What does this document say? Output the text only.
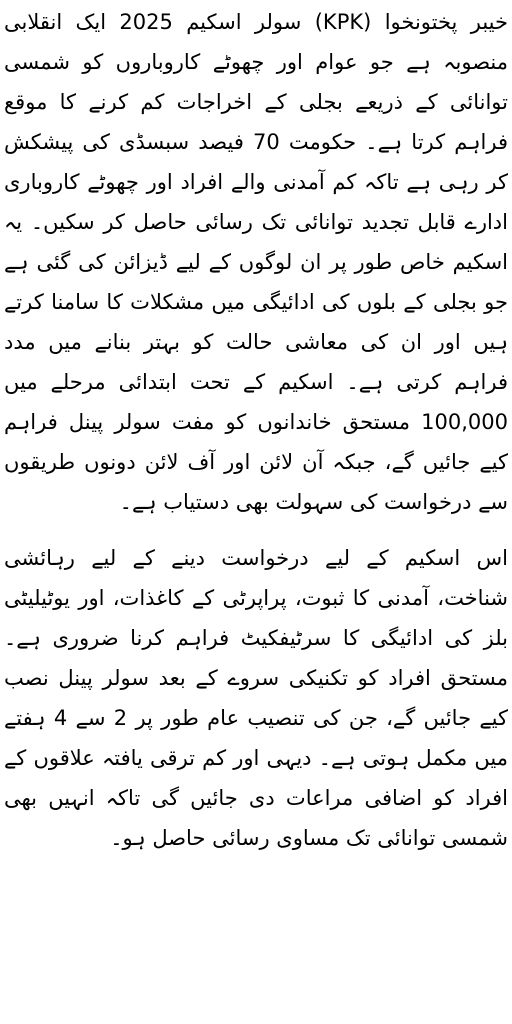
خیبر پختونخوا (KPK) سولر اسکیم 2025 ایک انقلابی منصوبہ ہے جو عوام اور چھوٹے کاروباروں کو شمسی توانائی کے ذریعے بجلی کے اخراجات کم کرنے کا موقع فراہم کرتا ہے۔ حکومت 70 فیصد سبسڈی کی پیشکش کر رہی ہے تاکہ کم آمدنی والے افراد اور چھوٹے کاروباری ادارے قابل تجدید توانائی تک رسائی حاصل کر سکیں۔ یہ اسکیم خاص طور پر ان لوگوں کے لیے ڈیزائن کی گئی ہے جو بجلی کے بلوں کی ادائیگی میں مشکلات کا سامنا کرتے ہیں اور ان کی معاشی حالت کو بہتر بنانے میں مدد فراہم کرتی ہے۔ اسکیم کے تحت ابتدائی مرحلے میں 100,000 مستحق خاندانوں کو مفت سولر پینل فراہم کیے جائیں گے، جبکہ آن لائن اور آف لائن دونوں طریقوں سے درخواست کی سہولت بھی دستیاب ہے۔

اس اسکیم کے لیے درخواست دینے کے لیے رہائشی شناخت، آمدنی کا ثبوت، پراپرٹی کے کاغذات، اور یوٹیلیٹی بلز کی ادائیگی کا سرٹیفکیٹ فراہم کرنا ضروری ہے۔ مستحق افراد کو تکنیکی سروے کے بعد سولر پینل نصب کیے جائیں گے، جن کی تنصیب عام طور پر 2 سے 4 ہفتے میں مکمل ہوتی ہے۔ دیہی اور کم ترقی یافتہ علاقوں کے افراد کو اضافی مراعات دی جائیں گی تاکہ انہیں بھی شمسی توانائی تک مساوی رسائی حاصل ہو۔
